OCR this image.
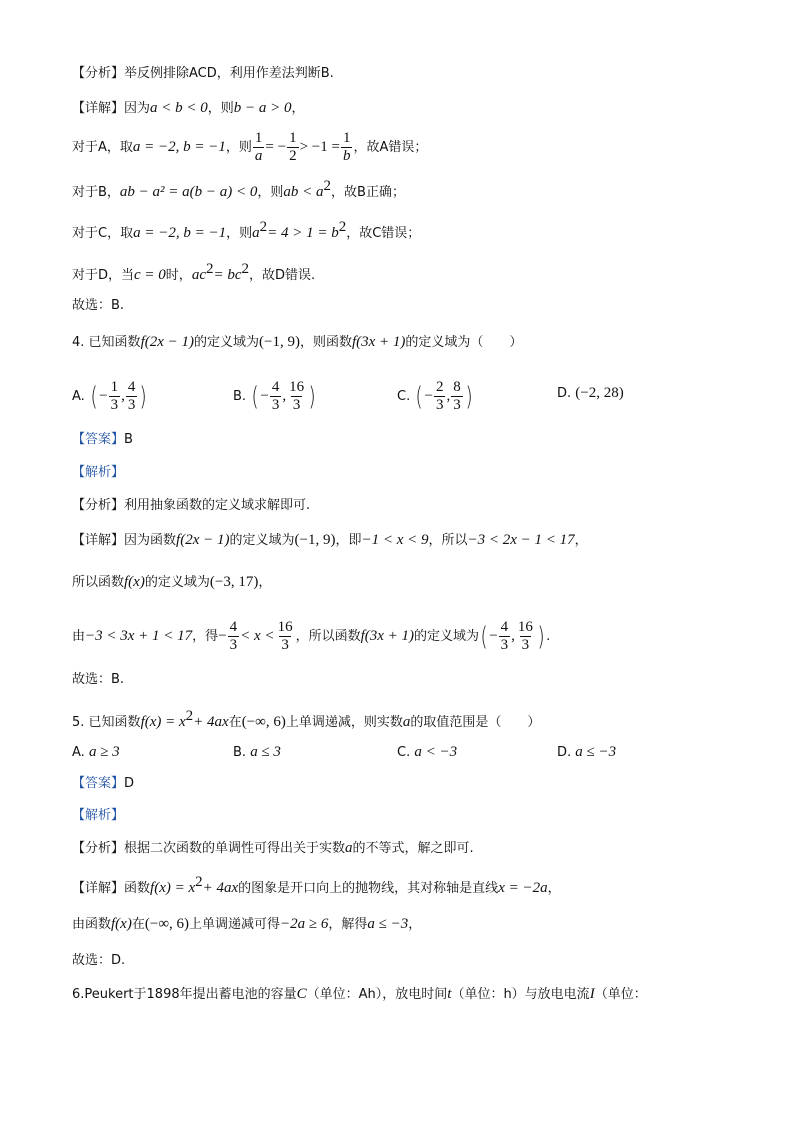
【分析】举反例排除ACD，利用作差法判断B.
【详解】因为a < b < 0，则b − a > 0，
对于A，取a = −2, b = −1，则 $\frac{1}{a}$ = − $\frac{1}{2} > -1 = \frac{1}{b}$ ，故A错误；
对于B，ab − a² = a(b − a) < 0，则ab < $a^2$，故B正确；
对于C，取a = −2, b = −1，则$a^2= 4 > 1 = b^2$，故C错误；
对于D，当c = 0时，$ac^2= bc^2$，故D错误.
故选：B.
4. 已知函数f(2x − 1)的定义域为(−1, 9)，则函数f(3x + 1)的定义域为（　　）
A. ( − $\frac{1}{3}$ , $\frac{4}{3}$ )	B. ( − $\frac{4}{3}$ , $\frac{16}{3}$ )	C. ( − $\frac{2}{3}$ , $\frac{8}{3}$ )	D. (−2, 28)
【答案】B
【解析】
【分析】利用抽象函数的定义域求解即可.
【详解】因为函数f(2x − 1)的定义域为(−1, 9)，即−1 < x < 9，所以−3 < 2x − 1 < 17，
所以函数f(x)的定义域为(−3, 17)，
由−3 < 3x + 1 < 17，得− $\frac{4}{3} < x < \frac{16}{3}$ ，所以函数f(3x + 1)的定义域为( − $\frac{4}{3}$ , $\frac{16}{3}$ ) .
故选：B.
5. 已知函数$f(x) = x^2+ 4ax$在(−∞, 6)上单调递减，则实数a的取值范围是（　　）
A. a ≥ 3	B. a ≤ 3	C. a < −3	D. a ≤ −3
【答案】D
【解析】
【分析】根据二次函数的单调性可得出关于实数a的不等式，解之即可.
【详解】函数$f(x) = x^2+ 4ax$的图象是开口向上的抛物线，其对称轴是直线x = −2a，
由函数f(x)在(−∞, 6)上单调递减可得−2a ≥ 6，解得a ≤ −3，
故选：D.
6.Peukert于1898年提出蓄电池的容量C（单位：Ah），放电时间t（单位：h）与放电电流I（单位：
